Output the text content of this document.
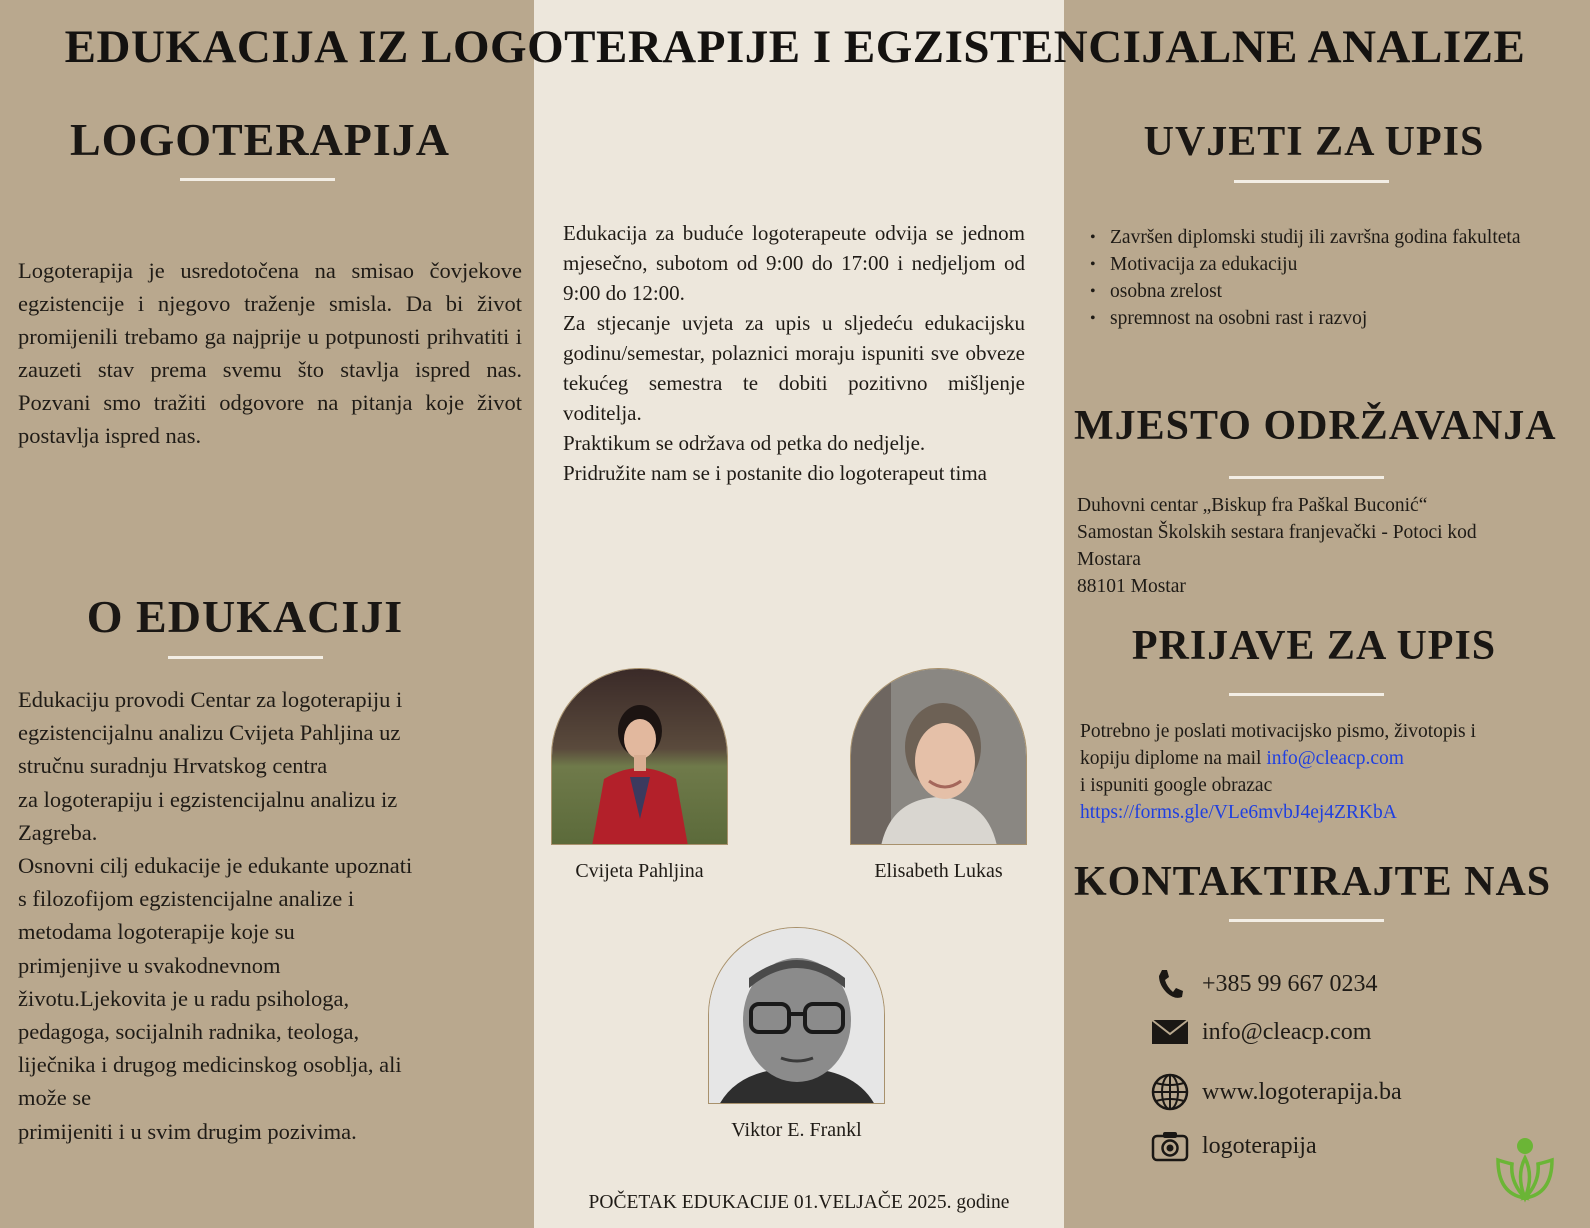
EDUKACIJA IZ LOGOTERAPIJE I EGZISTENCIJALNE ANALIZE
LOGOTERAPIJA

Logoterapija je usredotočena na smisao čovjekove egzistencije i njegovo traženje smisla. Da bi život promijenili trebamo ga najprije u potpunosti prihvatiti i zauzeti stav prema svemu što stavlja ispred nas. Pozvani smo tražiti odgovore na pitanja koje život postavlja ispred nas.

O EDUKACIJI
Edukaciju provodi Centar za logoterapiju i
egzistencijalnu analizu Cvijeta Pahljina uz
stručnu suradnju Hrvatskog centra
za logoterapiju i egzistencijalnu analizu iz
Zagreba.
Osnovni cilj edukacije je edukante upoznati
s filozofijom egzistencijalne analize i
metodama logoterapije koje su
primjenjive u svakodnevnom
životu.Ljekovita je u radu psihologa,
pedagoga, socijalnih radnika, teologa,
liječnika i drugog medicinskog osoblja, ali
može se
primijeniti i u svim drugim pozivima.

Edukacija za buduće logoterapeute odvija se jednom mjesečno, subotom od 9:00 do 17:00 i nedjeljom od 9:00 do 12:00.

Za stjecanje uvjeta za upis u sljedeću edukacijsku godinu/semestar, polaznici moraju ispuniti sve obveze tekućeg semestra te dobiti pozitivno mišljenje voditelja.

Praktikum se održava od petka do nedjelje.

Pridružite nam se i postanite dio logoterapeut tima

Cvijeta Pahljina	Elisabeth Lukas
Viktor E. Frankl
POČETAK EDUKACIJE 01.VELJAČE 2025. godine
UVJETI ZA UPIS
• Završen diplomski studij ili završna godina fakulteta
• Motivacija za edukaciju
• osobna zrelost
• spremnost na osobni rast i razvoj
MJESTO ODRŽAVANJA
Duhovni centar „Biskup fra Paškal Buconić“
Samostan Školskih sestara franjevački - Potoci kod
Mostara
88101 Mostar
PRIJAVE ZA UPIS
Potrebno je poslati motivacijsko pismo, životopis i
kopiju diplome na mail info@cleacp.com
i ispuniti google obrazac
https://forms.gle/VLe6mvbJ4ej4ZRKbA
KONTAKTIRAJTE NAS
+385 99 667 0234
info@cleacp.com
www.logoterapija.ba
logoterapija
